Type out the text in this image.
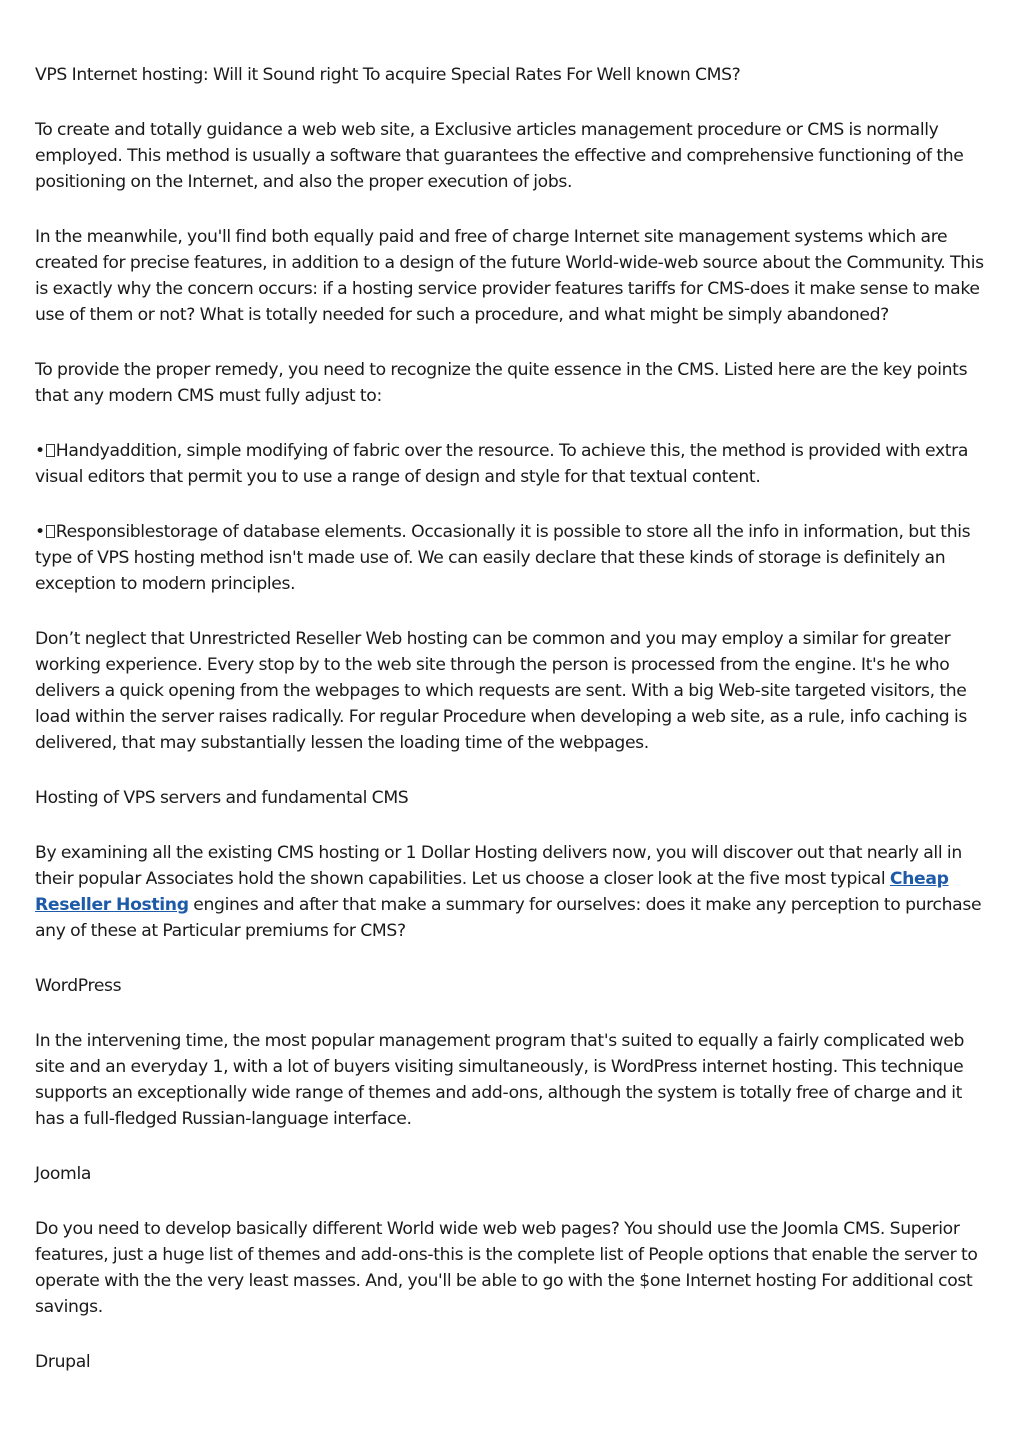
VPS Internet hosting: Will it Sound right To acquire Special Rates For Well known CMS?

To create and totally guidance a web web site, a Exclusive articles management procedure or CMS is normally employed. This method is usually a software that guarantees the effective and comprehensive functioning of the positioning on the Internet, and also the proper execution of jobs.

In the meanwhile, you'll find both equally paid and free of charge Internet site management systems which are created for precise features, in addition to a design of the future World-wide-web source about the Community. This is exactly why the concern occurs: if a hosting service provider features tariffs for CMS-does it make sense to make use of them or not? What is totally needed for such a procedure, and what might be simply abandoned?

To provide the proper remedy, you need to recognize the quite essence in the CMS. Listed here are the key points that any modern CMS must fully adjust to:

• Handyaddition, simple modifying of fabric over the resource. To achieve this, the method is provided with extra visual editors that permit you to use a range of design and style for that textual content.

• Responsiblestorage of database elements. Occasionally it is possible to store all the info in information, but this type of VPS hosting method isn't made use of. We can easily declare that these kinds of storage is definitely an exception to modern principles.

Don’t neglect that Unrestricted Reseller Web hosting can be common and you may employ a similar for greater working experience. Every stop by to the web site through the person is processed from the engine. It's he who delivers a quick opening from the webpages to which requests are sent. With a big Web-site targeted visitors, the load within the server raises radically. For regular Procedure when developing a web site, as a rule, info caching is delivered, that may substantially lessen the loading time of the webpages.

Hosting of VPS servers and fundamental CMS

By examining all the existing CMS hosting or 1 Dollar Hosting delivers now, you will discover out that nearly all in their popular Associates hold the shown capabilities. Let us choose a closer look at the five most typical Cheap Reseller Hosting engines and after that make a summary for ourselves: does it make any perception to purchase any of these at Particular premiums for CMS?

WordPress

In the intervening time, the most popular management program that's suited to equally a fairly complicated web site and an everyday 1, with a lot of buyers visiting simultaneously, is WordPress internet hosting. This technique supports an exceptionally wide range of themes and add-ons, although the system is totally free of charge and it has a full-fledged Russian-language interface.

Joomla

Do you need to develop basically different World wide web web pages? You should use the Joomla CMS. Superior features, just a huge list of themes and add-ons-this is the complete list of People options that enable the server to operate with the the very least masses. And, you'll be able to go with the $one Internet hosting For additional cost savings.

Drupal
